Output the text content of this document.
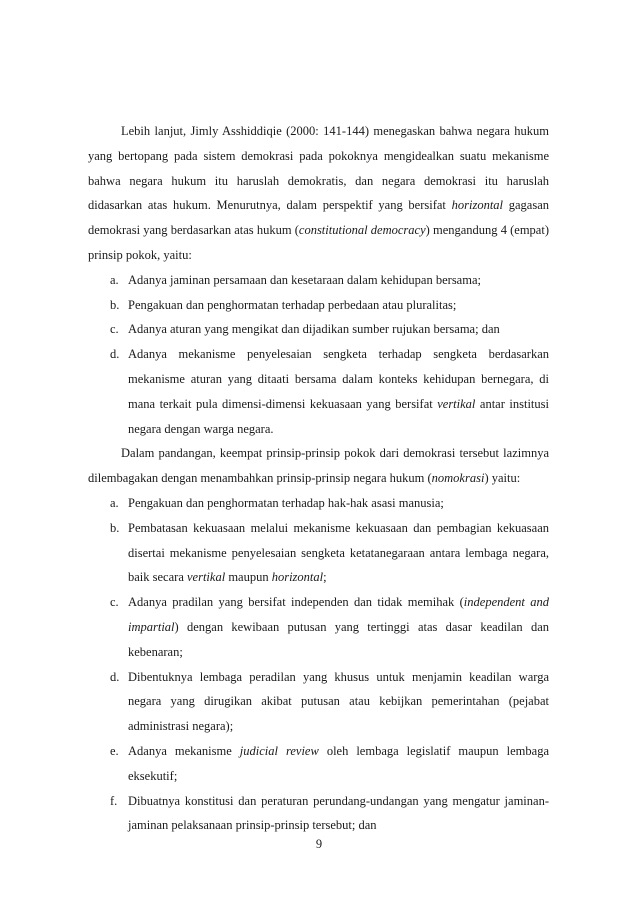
Lebih lanjut, Jimly Asshiddiqie (2000: 141-144) menegaskan bahwa negara hukum yang bertopang pada sistem demokrasi pada pokoknya mengidealkan suatu mekanisme bahwa negara hukum itu haruslah demokratis, dan negara demokrasi itu haruslah didasarkan atas hukum. Menurutnya, dalam perspektif yang bersifat horizontal gagasan demokrasi yang berdasarkan atas hukum (constitutional democracy) mengandung 4 (empat) prinsip pokok, yaitu:

a. Adanya jaminan persamaan dan kesetaraan dalam kehidupan bersama;
b. Pengakuan dan penghormatan terhadap perbedaan atau pluralitas;
c. Adanya aturan yang mengikat dan dijadikan sumber rujukan bersama; dan
d. Adanya mekanisme penyelesaian sengketa terhadap sengketa berdasarkan mekanisme aturan yang ditaati bersama dalam konteks kehidupan bernegara, di mana terkait pula dimensi-dimensi kekuasaan yang bersifat vertikal antar institusi negara dengan warga negara.

Dalam pandangan, keempat prinsip-prinsip pokok dari demokrasi tersebut lazimnya dilembagakan dengan menambahkan prinsip-prinsip negara hukum (nomokrasi) yaitu:

a. Pengakuan dan penghormatan terhadap hak-hak asasi manusia;
b. Pembatasan kekuasaan melalui mekanisme kekuasaan dan pembagian kekuasaan disertai mekanisme penyelesaian sengketa ketatanegaraan antara lembaga negara, baik secara vertikal maupun horizontal;
c. Adanya pradilan yang bersifat independen dan tidak memihak (independent and impartial) dengan kewibaan putusan yang tertinggi atas dasar keadilan dan kebenaran;
d. Dibentuknya lembaga peradilan yang khusus untuk menjamin keadilan warga negara yang dirugikan akibat putusan atau kebijkan pemerintahan (pejabat administrasi negara);
e. Adanya mekanisme judicial review oleh lembaga legislatif maupun lembaga eksekutif;
f. Dibuatnya konstitusi dan peraturan perundang-undangan yang mengatur jaminan-jaminan pelaksanaan prinsip-prinsip tersebut; dan
9
